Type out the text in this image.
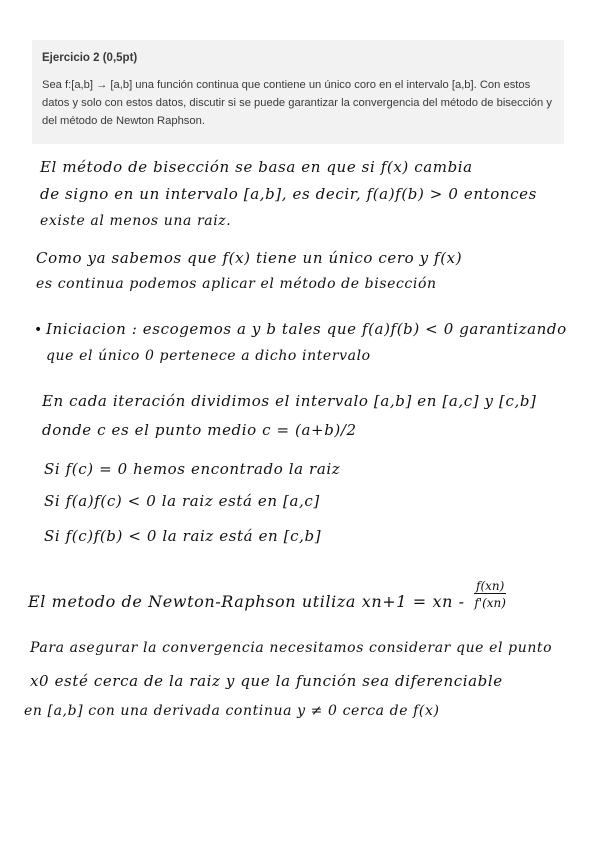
Ejercicio 2 (0,5pt)
Sea f:[a,b] → [a,b] una función continua que contiene un único coro en el intervalo [a,b]. Con estos datos y solo con estos datos, discutir si se puede garantizar la convergencia del método de bisección y del método de Newton Raphson.
El método de bisección se basa en que si f(x) cambia
de signo en un intervalo [a,b], es decir, f(a)f(b) > 0 entonces
existe al menos una raiz.
Como ya sabemos que f(x) tiene un único cero y f(x)
es continua podemos aplicar el método de bisección
• Iniciacion : escogemos a y b tales que f(a)f(b) < 0 garantizando
que el único 0 pertenece a dicho intervalo
En cada iteración dividimos el intervalo [a,b] en [a,c] y [c,b]
donde c es el punto medio c = (a+b)/2
Si f(c) = 0 hemos encontrado la raiz
Si f(a)f(c) < 0 la raiz está en [a,c]
Si f(c)f(b) < 0 la raiz está en [c,b]
El metodo de Newton-Raphson utiliza xn+1 = xn - $\frac{f(xn)}{f'(xn)}$
Para asegurar la convergencia necesitamos considerar que el punto
x0 esté cerca de la raiz y que la función sea diferenciable
en [a,b] con una derivada continua y ≠ 0 cerca de f(x)
